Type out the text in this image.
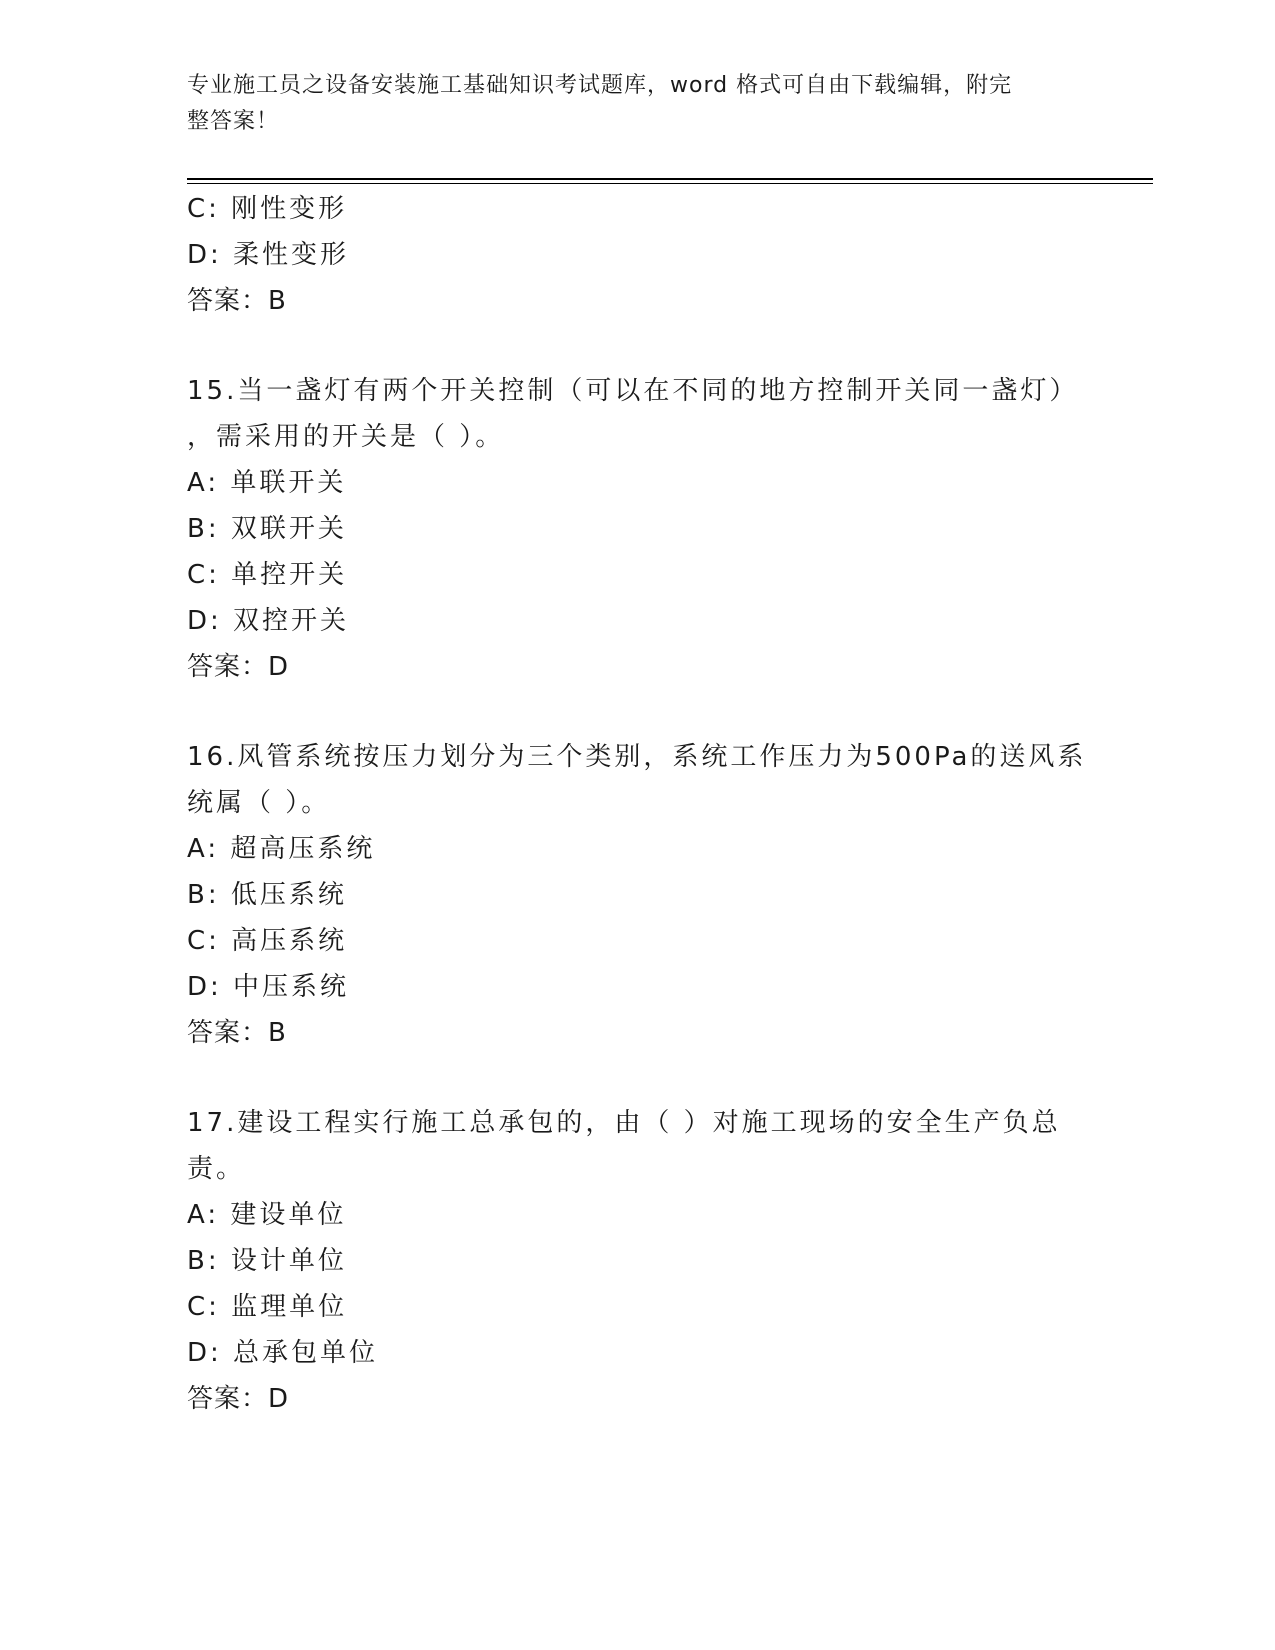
专业施工员之设备安装施工基础知识考试题库，word 格式可自由下载编辑，附完
整答案！
C: 刚性变形
D: 柔性变形
答案：B
15.当一盏灯有两个开关控制（可以在不同的地方控制开关同一盏灯）
，需采用的开关是（ ）。
A: 单联开关
B: 双联开关
C: 单控开关
D: 双控开关
答案：D
16.风管系统按压力划分为三个类别，系统工作压力为500Pa的送风系
统属（ ）。
A: 超高压系统
B: 低压系统
C: 高压系统
D: 中压系统
答案：B
17.建设工程实行施工总承包的，由（ ）对施工现场的安全生产负总
责。
A: 建设单位
B: 设计单位
C: 监理单位
D: 总承包单位
答案：D
